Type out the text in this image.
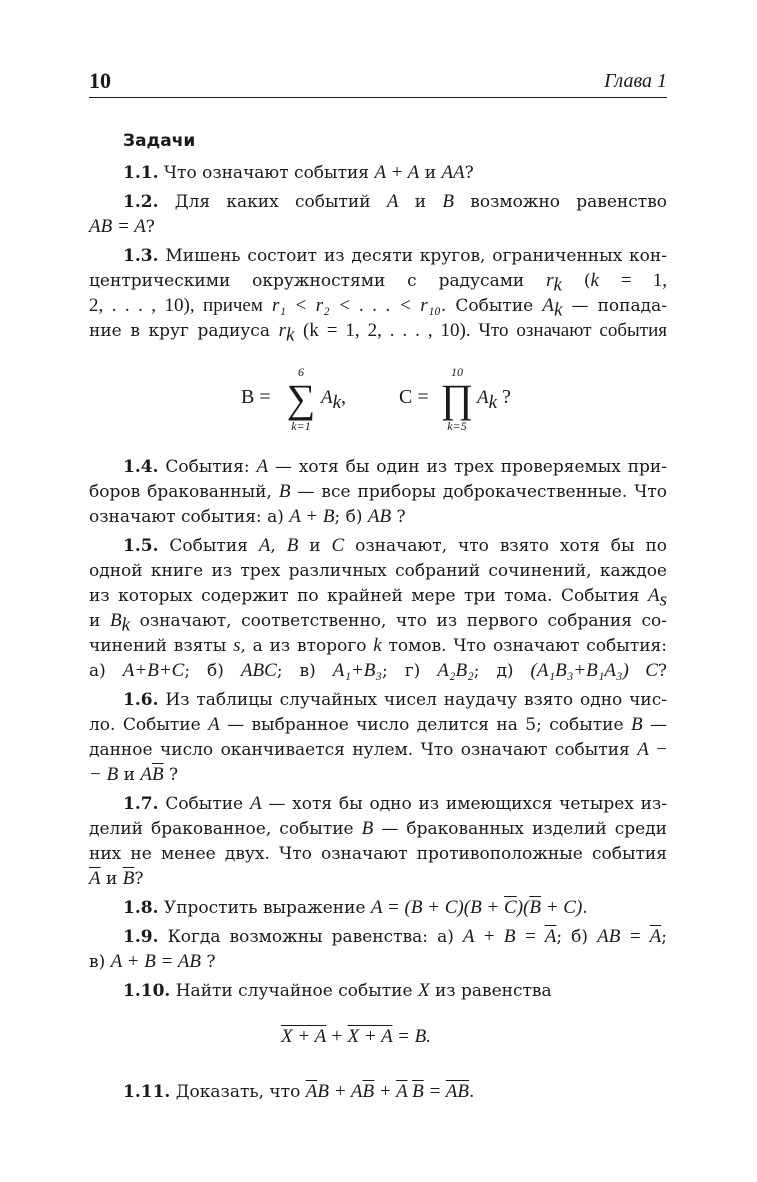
10	Глава 1
Задачи
1.1. Что означают события A + A и AA?
1.2. Для каких событий A и B возможно равенство
AB = A?
1.3. Мишень состоит из десяти кругов, ограниченных кон-
центрическими окружностями с радусами $r_k$ (k = 1,
2, . . . , 10), причем r₁ < r₂ < . . . < r₁₀. Событие $A_k$ — попада-
ние в круг радиуса $r_k$ (k = 1, 2, . . . , 10). Что означают события
B =
6
∑
k=1
$A_k$,	C =
10
∏
k=5
$A_k$ ?
1.4. События: A — хотя бы один из трех проверяемых при-
боров бракованный, B — все приборы доброкачественные. Что
означают события: а) A + B; б) AB ?
1.5. События A, B и C означают, что взято хотя бы по
одной книге из трех различных собраний сочинений, каждое
из которых содержит по крайней мере три тома. События $A_s$
и $B_k$ означают, соответственно, что из первого собрания со-
чинений взяты s, а из второго k томов. Что означают события:
а) A+B+C; б) ABC; в) A₁+B₃; г) A₂B₂; д) (A₁B₃+B₁A₃) C?
1.6. Из таблицы случайных чисел наудачу взято одно чис-
ло. Событие A — выбранное число делится на 5; событие B —
данное число оканчивается нулем. Что означают события A −
− B и $A\overline{B}$ ?
1.7. Событие A — хотя бы одно из имеющихся четырех из-
делий бракованное, событие B — бракованных изделий среди
них не менее двух. Что означают противоположные события
$\overline{A}$ и $\overline{B}$?
1.8. Упростить выражение $A = (B + C)(B + \overline{C})(\overline{B} + C)$.
1.9. Когда возможны равенства: а) $A + B = \overline{A}$; б) AB = $\overline{A}$;
в) A + B = AB ?
1.10. Найти случайное событие X из равенства
X + A + X + A = B.
1.11. Доказать, что $\overline{A}B + A\overline{B} + \overline{A}$ $\overline{B} = \overline{AB}$.
